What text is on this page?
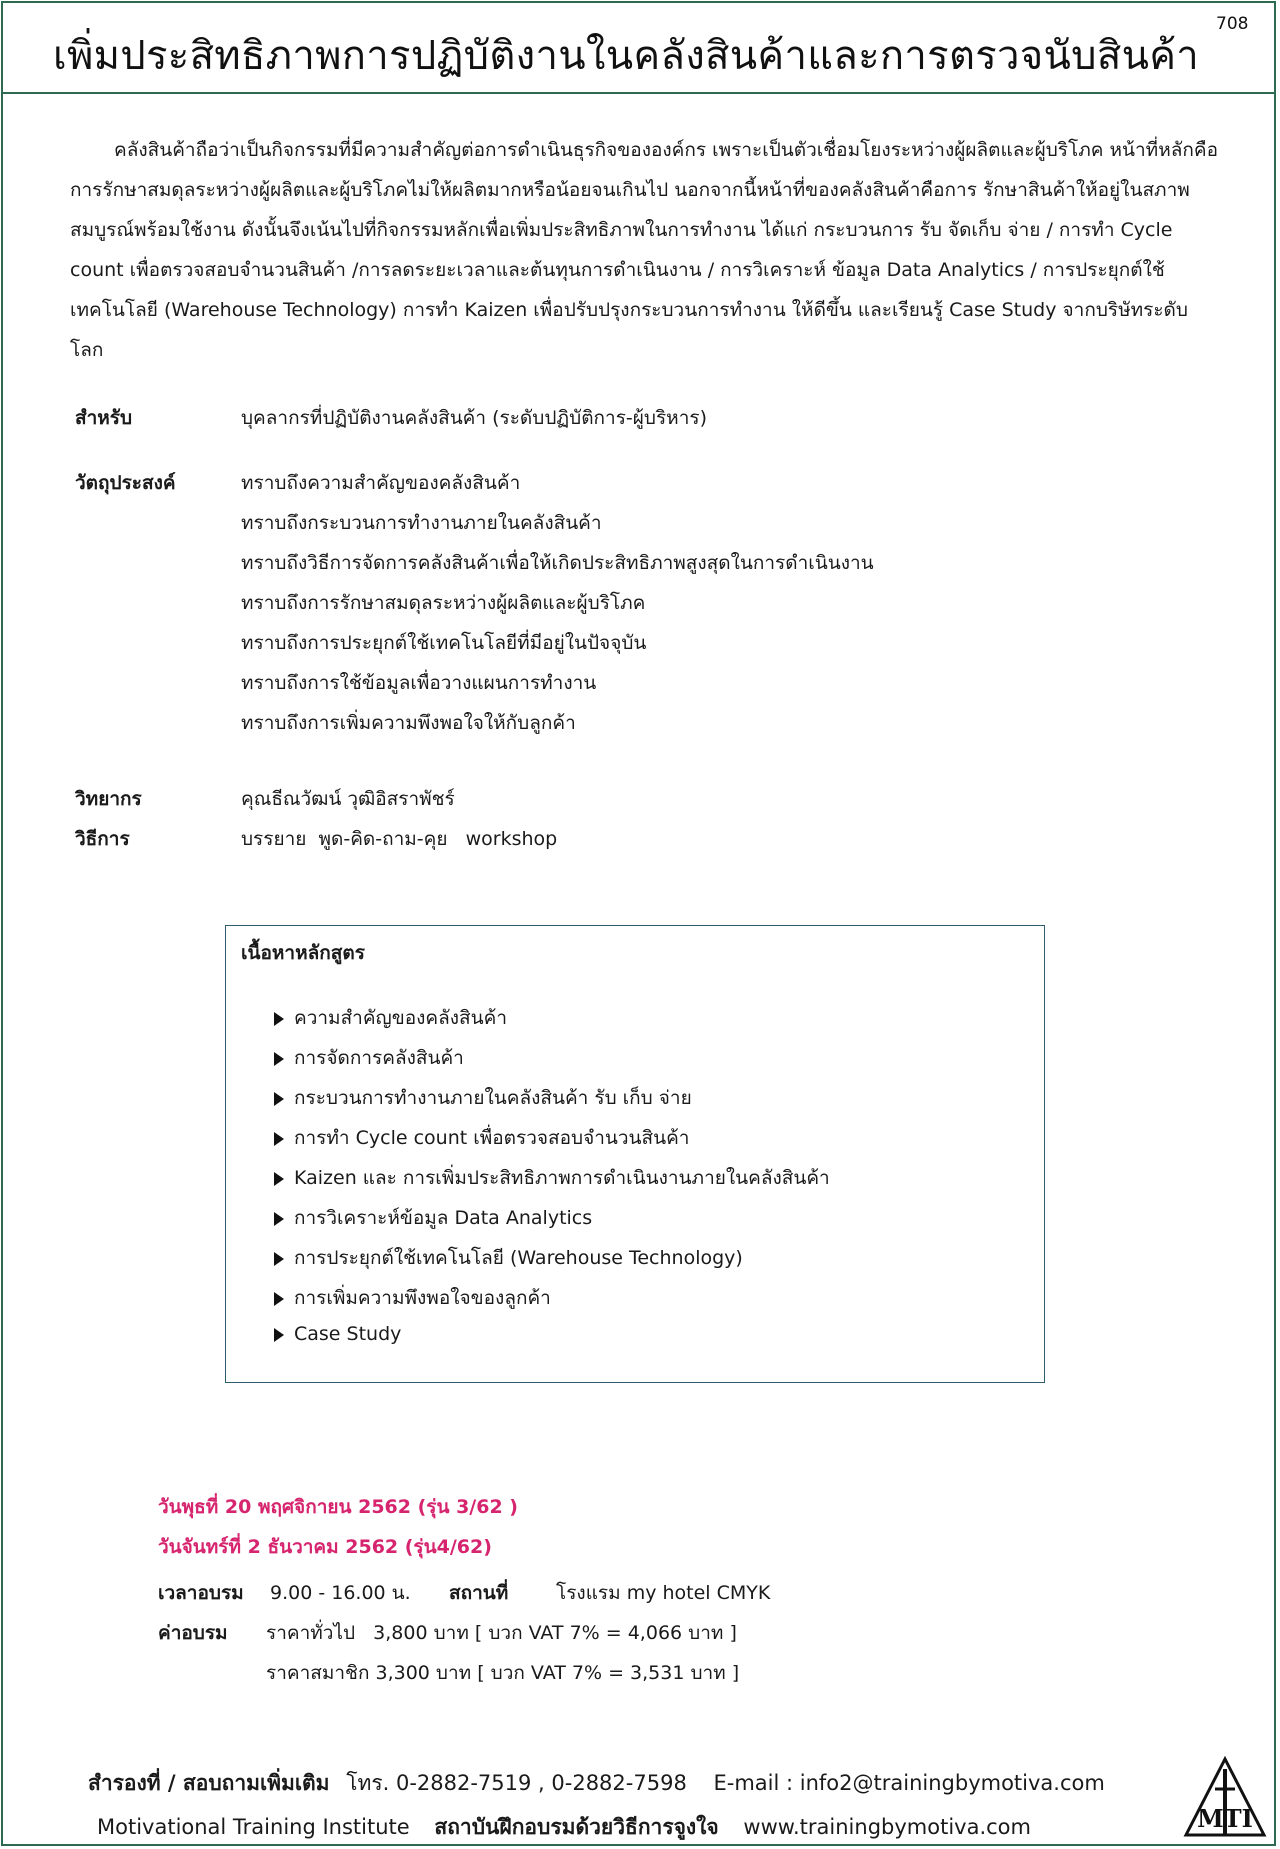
เพิ่มประสิทธิภาพการปฏิบัติงานในคลังสินค้าและการตรวจนับสินค้า
708
คลังสินค้าถือว่าเป็นกิจกรรมที่มีความสำคัญต่อการดำเนินธุรกิจขององค์กร เพราะเป็นตัวเชื่อมโยงระหว่างผู้ผลิตและผู้บริโภค หน้าที่หลักคือการรักษาสมดุลระหว่างผู้ผลิตและผู้บริโภคไม่ให้ผลิตมากหรือน้อยจนเกินไป นอกจากนี้หน้าที่ของคลังสินค้าคือการ รักษาสินค้าให้อยู่ในสภาพสมบูรณ์พร้อมใช้งาน ดังนั้นจึงเน้นไปที่กิจกรรมหลักเพื่อเพิ่มประสิทธิภาพในการทำงาน ได้แก่ กระบวนการ รับ จัดเก็บ จ่าย / การทำ Cycle count เพื่อตรวจสอบจำนวนสินค้า /การลดระยะเวลาและต้นทุนการดำเนินงาน / การวิเคราะห์ ข้อมูล Data Analytics / การประยุกต์ใช้เทคโนโลยี (Warehouse Technology) การทำ Kaizen เพื่อปรับปรุงกระบวนการทำงาน ให้ดีขึ้น และเรียนรู้ Case Study จากบริษัทระดับโลก
สำหรับ	บุคลากรที่ปฏิบัติงานคลังสินค้า (ระดับปฏิบัติการ-ผู้บริหาร)
วัตถุประสงค์	ทราบถึงความสำคัญของคลังสินค้า
ทราบถึงกระบวนการทำงานภายในคลังสินค้า
ทราบถึงวิธีการจัดการคลังสินค้าเพื่อให้เกิดประสิทธิภาพสูงสุดในการดำเนินงาน
ทราบถึงการรักษาสมดุลระหว่างผู้ผลิตและผู้บริโภค
ทราบถึงการประยุกต์ใช้เทคโนโลยีที่มีอยู่ในปัจจุบัน
ทราบถึงการใช้ข้อมูลเพื่อวางแผนการทำงาน
ทราบถึงการเพิ่มความพึงพอใจให้กับลูกค้า
วิทยากร	คุณธีณวัฒน์ วุฒิอิสราพัชร์
วิธีการ	บรรยาย  พูด-คิด-ถาม-คุย   workshop
เนื้อหาหลักสูตร
ความสำคัญของคลังสินค้า
การจัดการคลังสินค้า
กระบวนการทำงานภายในคลังสินค้า รับ เก็บ จ่าย
การทำ Cycle count เพื่อตรวจสอบจำนวนสินค้า
Kaizen และ การเพิ่มประสิทธิภาพการดำเนินงานภายในคลังสินค้า
การวิเคราะห์ข้อมูล Data Analytics
การประยุกต์ใช้เทคโนโลยี (Warehouse Technology)
การเพิ่มความพึงพอใจของลูกค้า
Case Study
วันพุธที่ 20 พฤศจิกายน 2562 (รุ่น 3/62 )
วันจันทร์ที่ 2 ธันวาคม 2562 (รุ่น4/62)
เวลาอบรม 9.00 - 16.00 น. สถานที่	โรงแรม my hotel CMYK
ค่าอบรม ราคาทั่วไป   3,800 บาท [ บวก VAT 7% = 4,066 บาท ]
ราคาสมาชิก 3,300 บาท [ บวก VAT 7% = 3,531 บาท ]
สำรองที่ / สอบถามเพิ่มเติม โทร. 0-2882-7519 , 0-2882-7598 E-mail : info2@trainingbymotiva.com
Motivational Training Institute สถาบันฝึกอบรมด้วยวิธีการจูงใจ www.trainingbymotiva.com	MTI
